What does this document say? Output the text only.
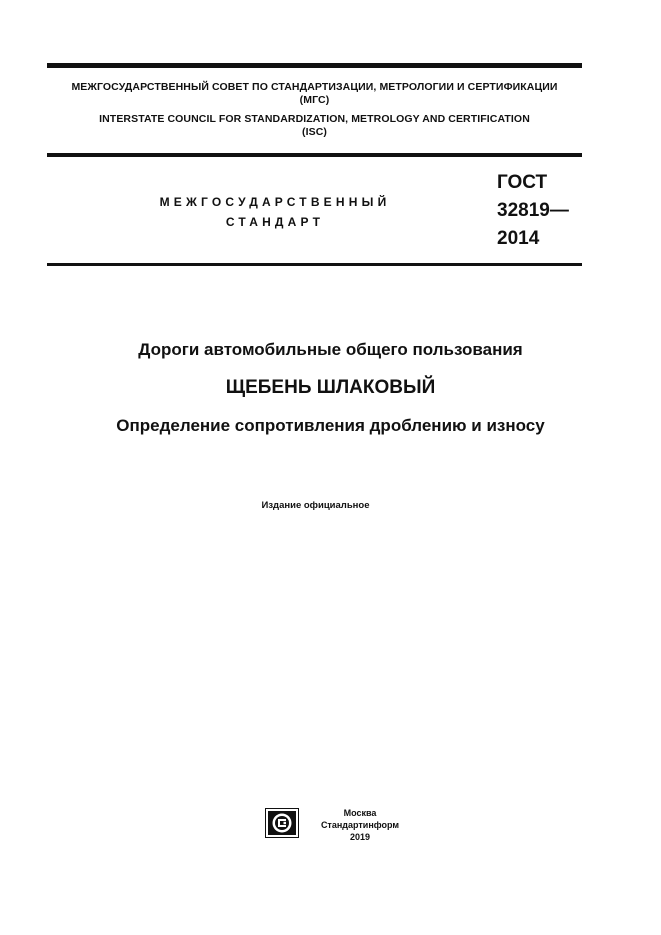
МЕЖГОСУДАРСТВЕННЫЙ СОВЕТ ПО СТАНДАРТИЗАЦИИ, МЕТРОЛОГИИ И СЕРТИФИКАЦИИ
(МГС)
INTERSTATE COUNCIL FOR STANDARDIZATION, METROLOGY AND CERTIFICATION
(ISC)
МЕЖГОСУДАРСТВЕННЫЙ
СТАНДАРТ
ГОСТ
32819—
2014
Дороги автомобильные общего пользования
ЩЕБЕНЬ ШЛАКОВЫЙ
Определение сопротивления дроблению и износу
Издание официальное
Москва
Стандартинформ
2019
